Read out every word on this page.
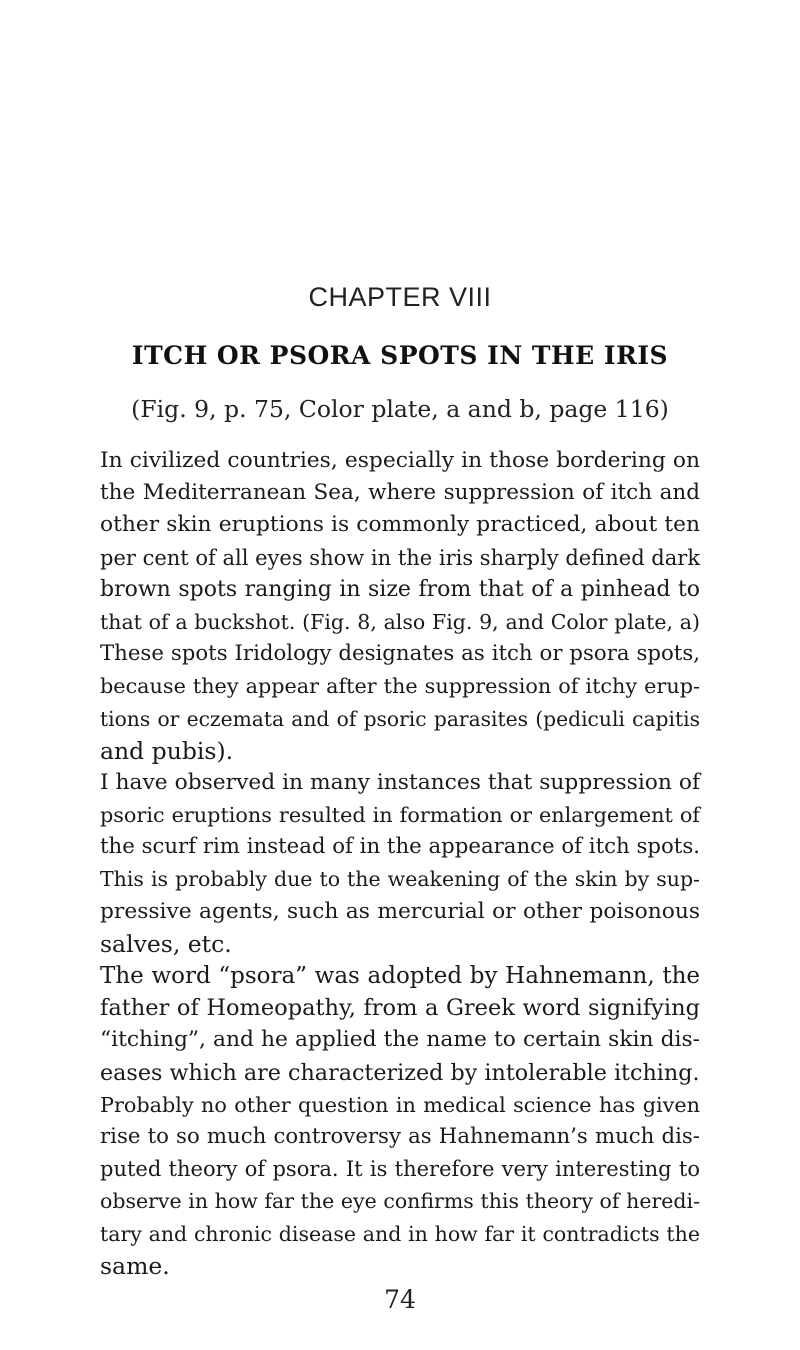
CHAPTER VIII
ITCH OR PSORA SPOTS IN THE IRIS
(Fig. 9, p. 75, Color plate, a and b, page 116)
In civilized countries, especially in those bordering on
the Mediterranean Sea, where suppression of itch and
other skin eruptions is commonly practiced, about ten
per cent of all eyes show in the iris sharply defined dark
brown spots ranging in size from that of a pinhead to
that of a buckshot. (Fig. 8, also Fig. 9, and Color plate, a)
These spots Iridology designates as itch or psora spots,
because they appear after the suppression of itchy erup-
tions or eczemata and of psoric parasites (pediculi capitis
and pubis).
I have observed in many instances that suppression of
psoric eruptions resulted in formation or enlargement of
the scurf rim instead of in the appearance of itch spots.
This is probably due to the weakening of the skin by sup-
pressive agents, such as mercurial or other poisonous
salves, etc.
The word “psora” was adopted by Hahnemann, the
father of Homeopathy, from a Greek word signifying
“itching”, and he applied the name to certain skin dis-
eases which are characterized by intolerable itching.
Probably no other question in medical science has given
rise to so much controversy as Hahnemann’s much dis-
puted theory of psora. It is therefore very interesting to
observe in how far the eye confirms this theory of heredi-
tary and chronic disease and in how far it contradicts the
same.
74
